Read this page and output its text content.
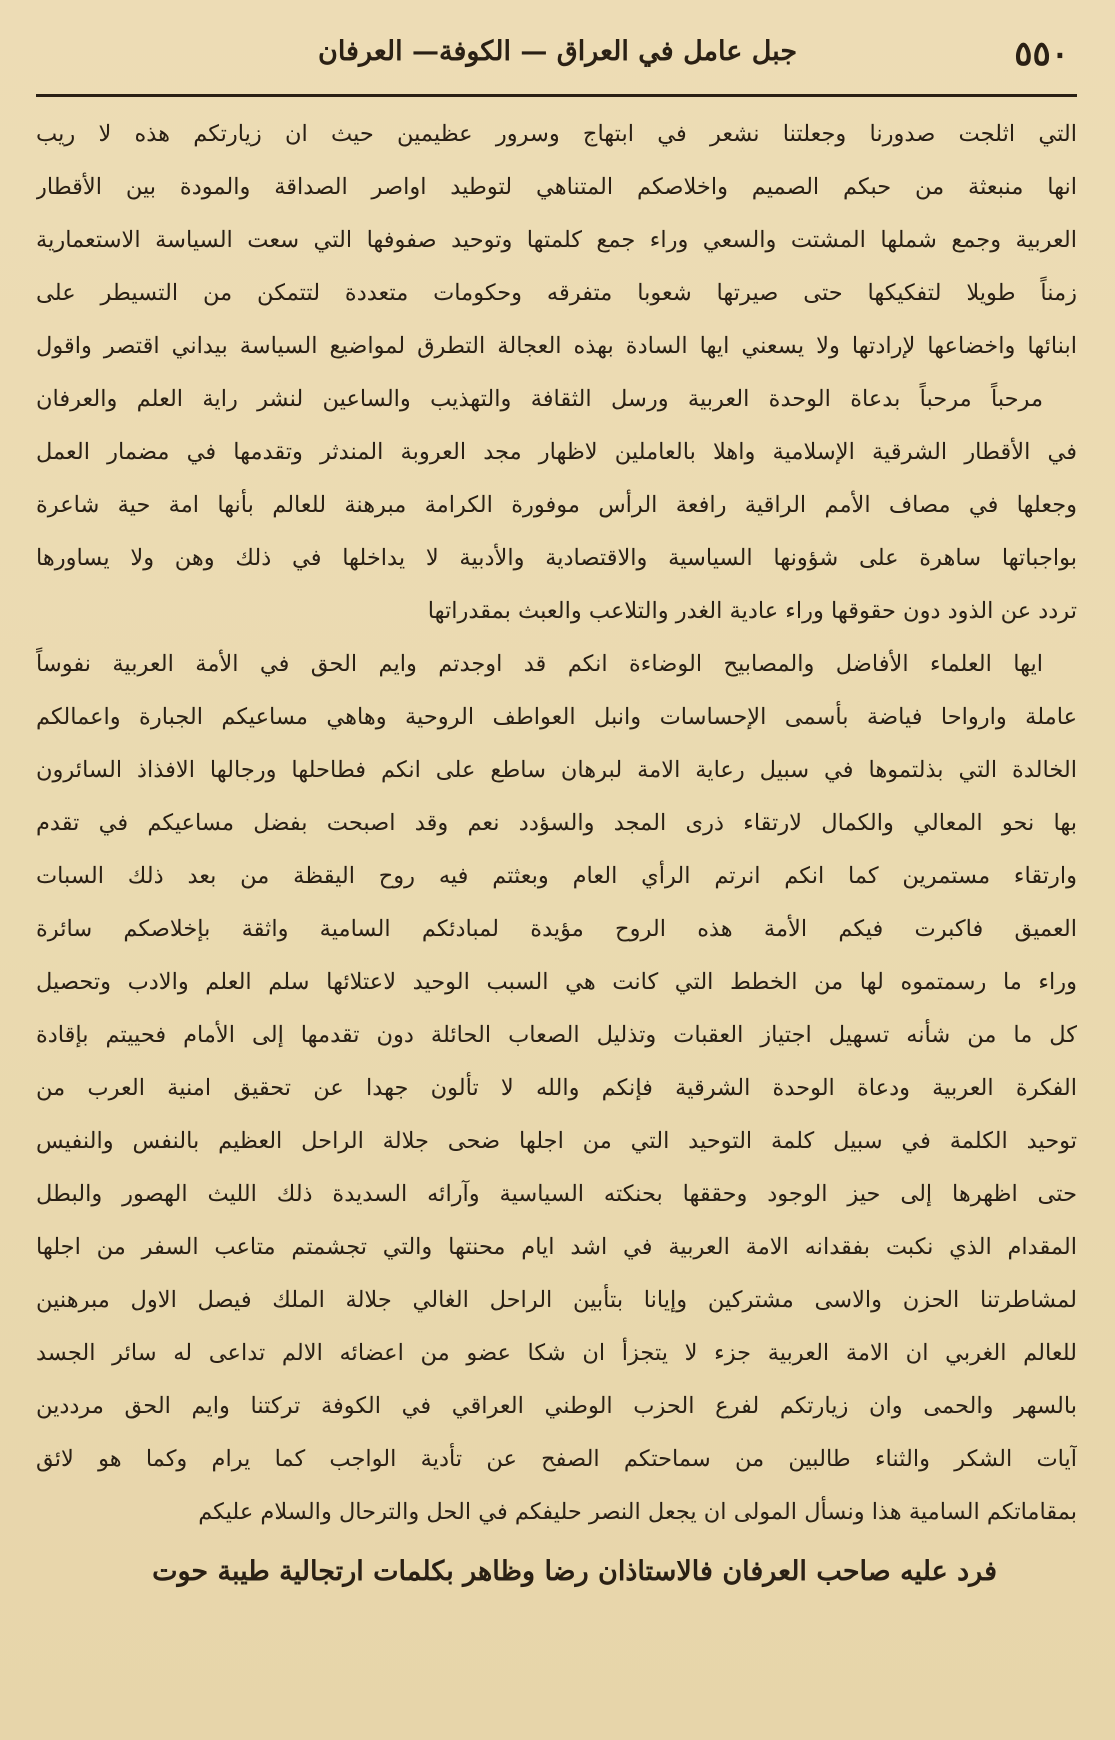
٥٥٠
جبل عامل في العراق — الكوفة— العرفان
التي اثلجت صدورنا وجعلتنا نشعر في ابتهاج وسرور عظيمين حيث ان زيارتكم هذه لا ريب
انها منبعثة من حبكم الصميم واخلاصكم المتناهي لتوطيد اواصر الصداقة والمودة بين الأقطار
العربية وجمع شملها المشتت والسعي وراء جمع كلمتها وتوحيد صفوفها التي سعت السياسة الاستعمارية
زمناً طويلا لتفكيكها حتى صيرتها شعوبا متفرقه وحكومات متعددة لتتمكن من التسيطر على
ابنائها واخضاعها لإرادتها ولا يسعني ايها السادة بهذه العجالة التطرق لمواضيع السياسة بيداني اقتصر واقول
مرحباً مرحباً بدعاة الوحدة العربية ورسل الثقافة والتهذيب والساعين لنشر راية العلم والعرفان
في الأقطار الشرقية الإسلامية واهلا بالعاملين لاظهار مجد العروبة المندثر وتقدمها في مضمار العمل
وجعلها في مصاف الأمم الراقية رافعة الرأس موفورة الكرامة مبرهنة للعالم بأنها امة حية شاعرة
بواجباتها ساهرة على شؤونها السياسية والاقتصادية والأدبية لا يداخلها في ذلك وهن ولا يساورها
تردد عن الذود دون حقوقها وراء عادية الغدر والتلاعب والعبث بمقدراتها
ايها العلماء الأفاضل والمصابيح الوضاءة انكم قد اوجدتم وايم الحق في الأمة العربية نفوساً
عاملة وارواحا فياضة بأسمى الإحساسات وانبل العواطف الروحية وهاهي مساعيكم الجبارة واعمالكم
الخالدة التي بذلتموها في سبيل رعاية الامة لبرهان ساطع على انكم فطاحلها ورجالها الافذاذ السائرون
بها نحو المعالي والكمال لارتقاء ذرى المجد والسؤدد نعم وقد اصبحت بفضل مساعيكم في تقدم
وارتقاء مستمرين كما انكم انرتم الرأي العام وبعثتم فيه روح اليقظة من بعد ذلك السبات
العميق فاكبرت فيكم الأمة هذه الروح مؤيدة لمبادئكم السامية واثقة بإخلاصكم سائرة
وراء ما رسمتموه لها من الخطط التي كانت هي السبب الوحيد لاعتلائها سلم العلم والادب وتحصيل
كل ما من شأنه تسهيل اجتياز العقبات وتذليل الصعاب الحائلة دون تقدمها إلى الأمام فحييتم بإقادة
الفكرة العربية ودعاة الوحدة الشرقية فإنكم والله لا تألون جهدا عن تحقيق امنية العرب من
توحيد الكلمة في سبيل كلمة التوحيد التي من اجلها ضحى جلالة الراحل العظيم بالنفس والنفيس
حتى اظهرها إلى حيز الوجود وحققها بحنكته السياسية وآرائه السديدة ذلك الليث الهصور والبطل
المقدام الذي نكبت بفقدانه الامة العربية في اشد ايام محنتها والتي تجشمتم متاعب السفر من اجلها
لمشاطرتنا الحزن والاسى مشتركين وإيانا بتأبين الراحل الغالي جلالة الملك فيصل الاول مبرهنين
للعالم الغربي ان الامة العربية جزء لا يتجزأ ان شكا عضو من اعضائه الالم تداعى له سائر الجسد
بالسهر والحمى وان زيارتكم لفرع الحزب الوطني العراقي في الكوفة تركتنا وايم الحق مرددين
آيات الشكر والثناء طالبين من سماحتكم الصفح عن تأدية الواجب كما يرام وكما هو لائق
بمقاماتكم السامية هذا ونسأل المولى ان يجعل النصر حليفكم في الحل والترحال والسلام عليكم
فرد عليه صاحب العرفان فالاستاذان رضا وظاهر بكلمات ارتجالية طيبة حوت
